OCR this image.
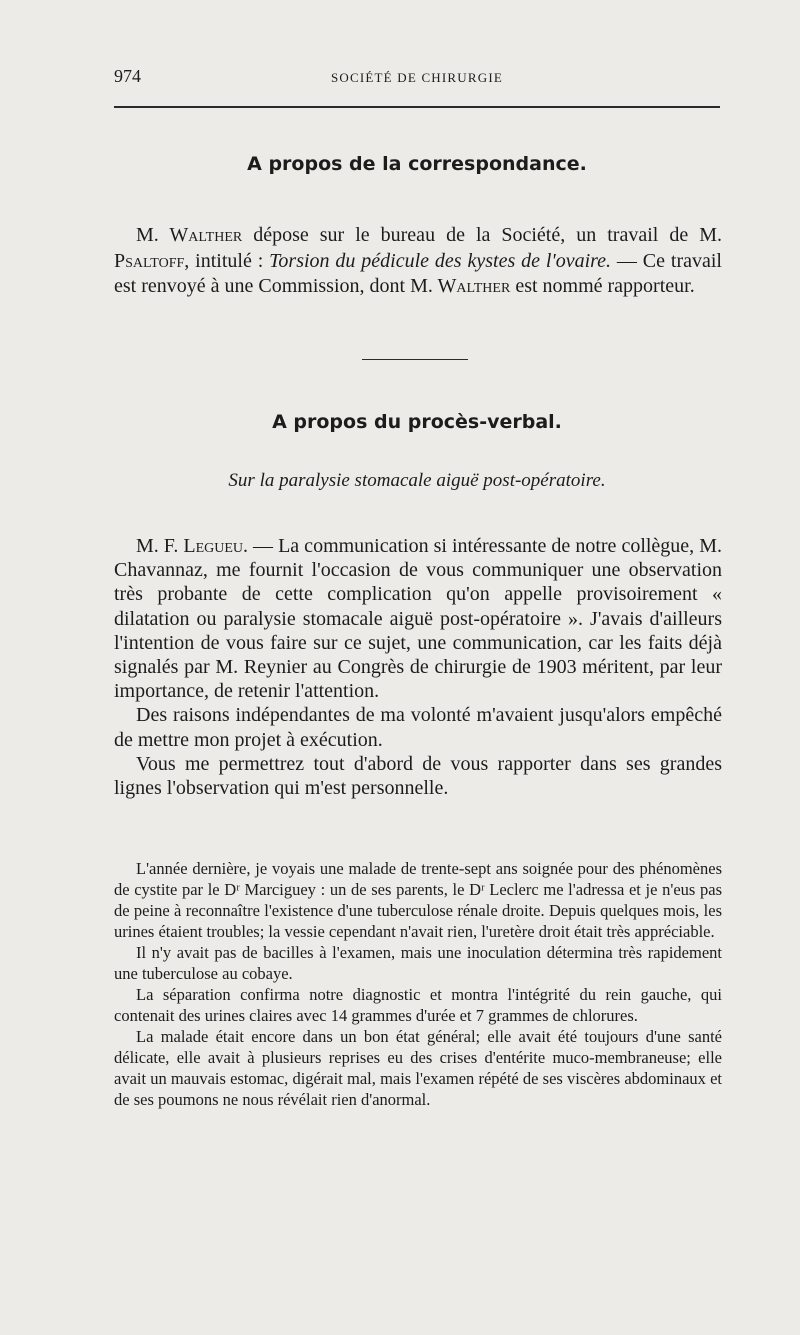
974	SOCIÉTÉ DE CHIRURGIE
A propos de la correspondance.

M. Walther dépose sur le bureau de la Société, un travail de M. Psaltoff, intitulé : Torsion du pédicule des kystes de l'ovaire. — Ce travail est renvoyé à une Commission, dont M. Walther est nommé rapporteur.

A propos du procès-verbal.
Sur la paralysie stomacale aiguë post-opératoire.

M. F. Legueu. — La communication si intéressante de notre collègue, M. Chavannaz, me fournit l'occasion de vous communiquer une observation très probante de cette complication qu'on appelle provisoirement « dilatation ou paralysie stomacale aiguë post-opératoire ». J'avais d'ailleurs l'intention de vous faire sur ce sujet, une communication, car les faits déjà signalés par M. Reynier au Congrès de chirurgie de 1903 méritent, par leur importance, de retenir l'attention.

Des raisons indépendantes de ma volonté m'avaient jusqu'alors empêché de mettre mon projet à exécution.

Vous me permettrez tout d'abord de vous rapporter dans ses grandes lignes l'observation qui m'est personnelle.

L'année dernière, je voyais une malade de trente-sept ans soignée pour des phénomènes de cystite par le Dʳ Marciguey : un de ses parents, le Dʳ Leclerc me l'adressa et je n'eus pas de peine à reconnaître l'existence d'une tuberculose rénale droite. Depuis quelques mois, les urines étaient troubles; la vessie cependant n'avait rien, l'uretère droit était très appréciable.

Il n'y avait pas de bacilles à l'examen, mais une inoculation détermina très rapidement une tuberculose au cobaye.

La séparation confirma notre diagnostic et montra l'intégrité du rein gauche, qui contenait des urines claires avec 14 grammes d'urée et 7 grammes de chlorures.

La malade était encore dans un bon état général; elle avait été toujours d'une santé délicate, elle avait à plusieurs reprises eu des crises d'entérite muco-membraneuse; elle avait un mauvais estomac, digérait mal, mais l'examen répété de ses viscères abdominaux et de ses poumons ne nous révélait rien d'anormal.
